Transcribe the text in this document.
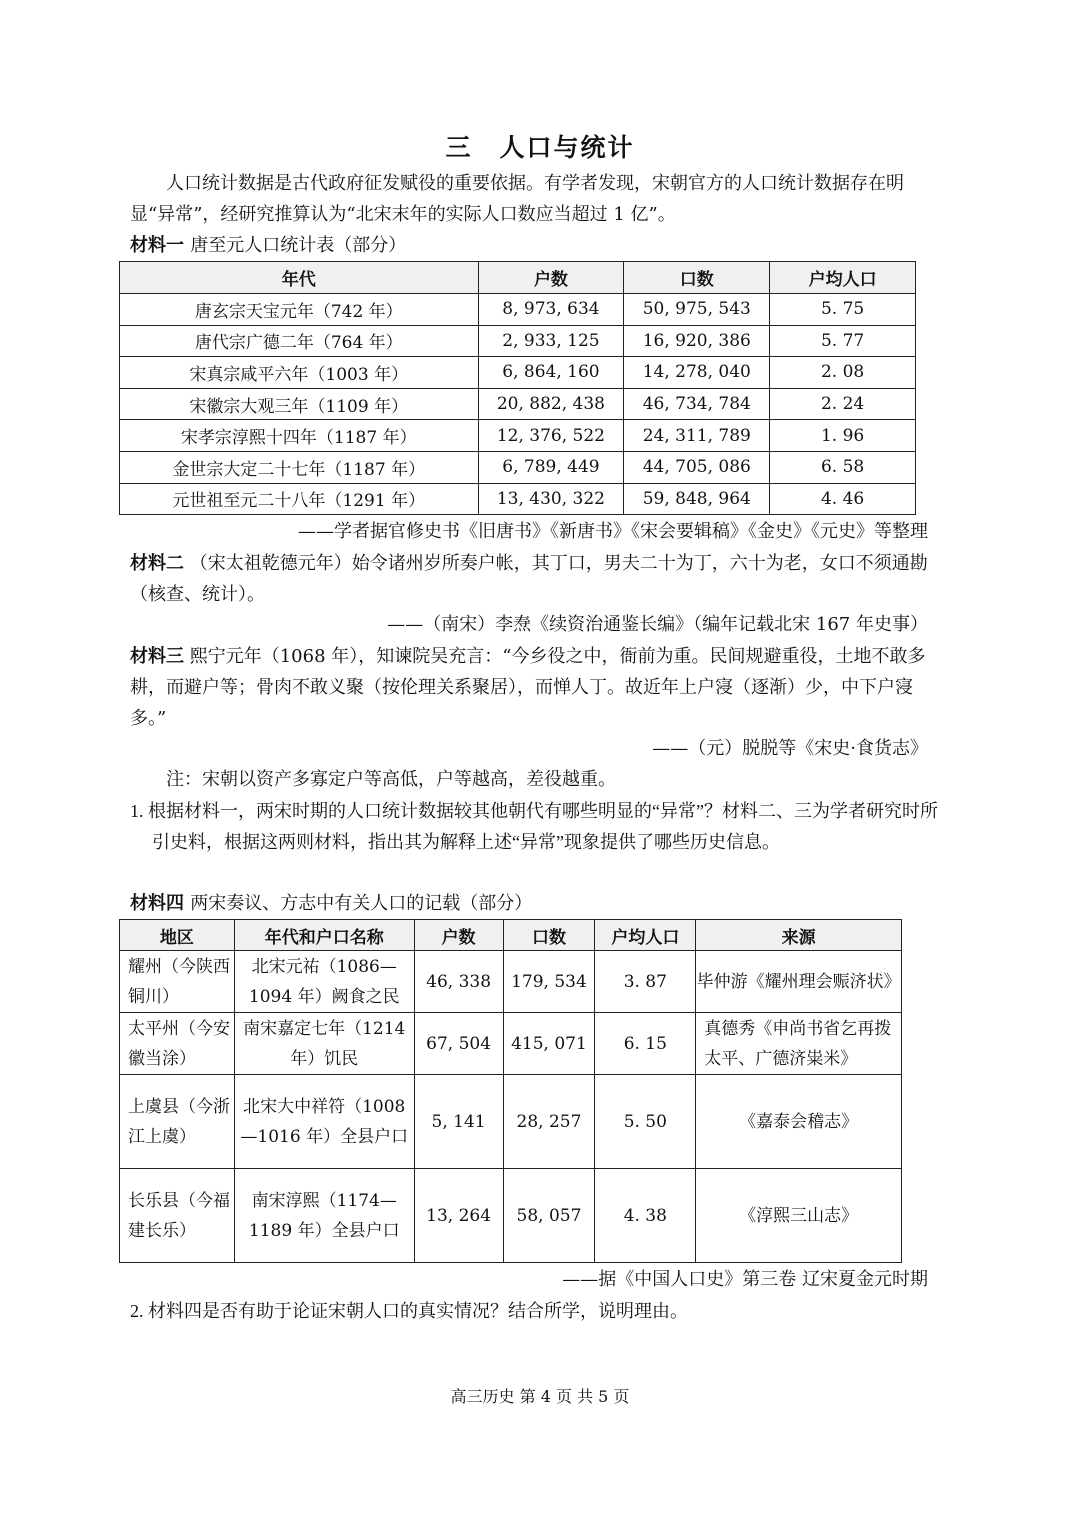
三　人口与统计
人口统计数据是古代政府征发赋役的重要依据。有学者发现，宋朝官方的人口统计数据存在明显“异常”，经研究推算认为“北宋末年的实际人口数应当超过 1 亿”。
材料一 唐至元人口统计表（部分）
年代	户数	口数	户均人口
唐玄宗天宝元年（742 年）	8, 973, 634	50, 975, 543	5. 75
唐代宗广德二年（764 年）	2, 933, 125	16, 920, 386	5. 77
宋真宗咸平六年（1003 年）	6, 864, 160	14, 278, 040	2. 08
宋徽宗大观三年（1109 年）	20, 882, 438	46, 734, 784	2. 24
宋孝宗淳熙十四年（1187 年）	12, 376, 522	24, 311, 789	1. 96
金世宗大定二十七年（1187 年）	6, 789, 449	44, 705, 086	6. 58
元世祖至元二十八年（1291 年）	13, 430, 322	59, 848, 964	4. 46
——学者据官修史书《旧唐书》《新唐书》《宋会要辑稿》《金史》《元史》等整理
材料二 （宋太祖乾德元年）始令诸州岁所奏户帐，其丁口，男夫二十为丁，六十为老，女口不须通勘（核查、统计）。
——（南宋）李焘《续资治通鉴长编》（编年记载北宋 167 年史事）
材料三 熙宁元年（1068 年），知谏院吴充言：“今乡役之中，衙前为重。民间规避重役，土地不敢多耕，而避户等；骨肉不敢义聚（按伦理关系聚居），而惮人丁。故近年上户寖（逐渐）少，中下户寖多。”
——（元）脱脱等《宋史·食货志》
注：宋朝以资产多寡定户等高低，户等越高，差役越重。
1. 根据材料一，两宋时期的人口统计数据较其他朝代有哪些明显的“异常”？材料二、三为学者研究时所引史料，根据这两则材料，指出其为解释上述“异常”现象提供了哪些历史信息。
材料四 两宋奏议、方志中有关人口的记载（部分）
地区	年代和户口名称	户数	口数	户均人口	来源
耀州（今陕西铜川）	北宋元祐（1086—1094 年）阙食之民	46, 338	179, 534	3. 87	毕仲游《耀州理会赈济状》
太平州（今安徽当涂）	南宋嘉定七年（1214 年）饥民	67, 504	415, 071	6. 15	真德秀《申尚书省乞再拨太平、广德济粜米》
上虞县（今浙江上虞）	北宋大中祥符（1008—1016 年）全县户口	5, 141	28, 257	5. 50	《嘉泰会稽志》
长乐县（今福建长乐）	南宋淳熙（1174—1189 年）全县户口	13, 264	58, 057	4. 38	《淳熙三山志》
——据《中国人口史》第三卷 辽宋夏金元时期
2. 材料四是否有助于论证宋朝人口的真实情况？结合所学，说明理由。
高三历史 第 4 页 共 5 页
